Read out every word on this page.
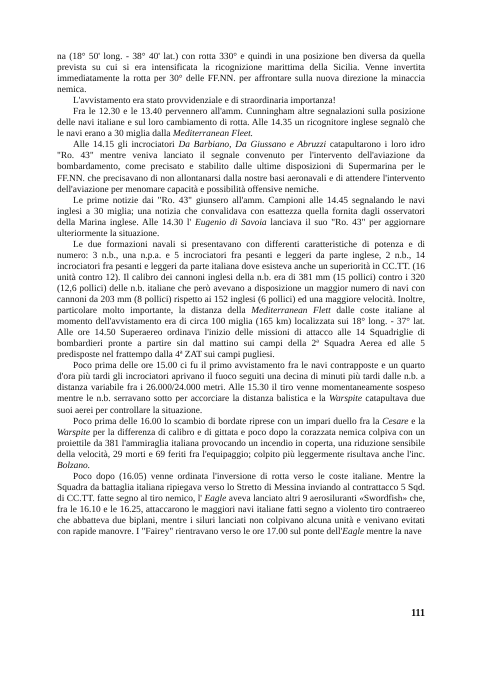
na (18° 50' long. - 38° 40' lat.) con rotta 330° e quindi in una posizione ben diversa da quella prevista su cui si era intensificata la ricognizione marittima della Sicilia. Venne invertita immediatamente la rotta per 30° delle FF.NN. per affrontare sulla nuova direzione la minaccia nemica.

L'avvistamento era stato provvidenziale e di straordinaria importanza!

Fra le 12.30 e le 13.40 pervennero all'amm. Cunningham altre segnalazioni sulla posizione delle navi italiane e sul loro cambiamento di rotta. Alle 14.35 un ricognitore inglese segnalò che le navi erano a 30 miglia dalla Mediterranean Fleet.

Alle 14.15 gli incrociatori Da Barbiano, Da Giussano e Abruzzi catapultarono i loro idro "Ro. 43" mentre veniva lanciato il segnale convenuto per l'intervento dell'aviazione da bombardamento, come precisato e stabilito dalle ultime disposizioni di Supermarina per le FF.NN. che precisavano di non allontanarsi dalla nostre basi aeronavali e di attendere l'intervento dell'aviazione per menomare capacità e possibilità offensive nemiche.

Le prime notizie dai "Ro. 43" giunsero all'amm. Campioni alle 14.45 segnalando le navi inglesi a 30 miglia; una notizia che convalidava con esattezza quella fornita dagli osservatori della Marina inglese. Alle 14.30 l' Eugenio di Savoia lanciava il suo "Ro. 43" per aggiornare ulteriormente la situazione.

Le due formazioni navali si presentavano con differenti caratteristiche di potenza e di numero: 3 n.b., una n.p.a. e 5 incrociatori fra pesanti e leggeri da parte inglese, 2 n.b., 14 incrociatori fra pesanti e leggeri da parte italiana dove esisteva anche un superiorità in CC.TT. (16 unità contro 12). Il calibro dei cannoni inglesi della n.b. era di 381 mm (15 pollici) contro i 320 (12,6 pollici) delle n.b. italiane che però avevano a disposizione un maggior numero di navi con cannoni da 203 mm (8 pollici) rispetto ai 152 inglesi (6 pollici) ed una maggiore velocità. Inoltre, particolare molto importante, la distanza della Mediterranean Flett dalle coste italiane al momento dell'avvistamento era di circa 100 miglia (165 km) localizzata sui 18° long. - 37° lat. Alle ore 14.50 Superaereo ordinava l'inizio delle missioni di attacco alle 14 Squadriglie di bombardieri pronte a partire sin dal mattino sui campi della 2ª Squadra Aerea ed alle 5 predisposte nel frattempo dalla 4ª ZAT sui campi pugliesi.

Poco prima delle ore 15.00 ci fu il primo avvistamento fra le navi contrapposte e un quarto d'ora più tardi gli incrociatori aprivano il fuoco seguiti una decina di minuti più tardi dalle n.b. a distanza variabile fra i 26.000/24.000 metri. Alle 15.30 il tiro venne momentaneamente sospeso mentre le n.b. serravano sotto per accorciare la distanza balistica e la Warspite catapultava due suoi aerei per controllare la situazione.

Poco prima delle 16.00 lo scambio di bordate riprese con un impari duello fra la Cesare e la Warspite per la differenza di calibro e di gittata e poco dopo la corazzata nemica colpiva con un proiettile da 381 l'ammiraglia italiana provocando un incendio in coperta, una riduzione sensibile della velocità, 29 morti e 69 feriti fra l'equipaggio; colpito più leggermente risultava anche l'inc. Bolzano.

Poco dopo (16.05) venne ordinata l'inversione di rotta verso le coste italiane. Mentre la Squadra da battaglia italiana ripiegava verso lo Stretto di Messina inviando al contrattacco 5 Sqd. di CC.TT. fatte segno al tiro nemico, l' Eagle aveva lanciato altri 9 aerosiluranti «Swordfish» che, fra le 16.10 e le 16.25, attaccarono le maggiori navi italiane fatti segno a violento tiro contraereo che abbatteva due biplani, mentre i siluri lanciati non colpivano alcuna unità e venivano evitati con rapide manovre. I "Fairey" rientravano verso le ore 17.00 sul ponte dell'Eagle mentre la nave

111
